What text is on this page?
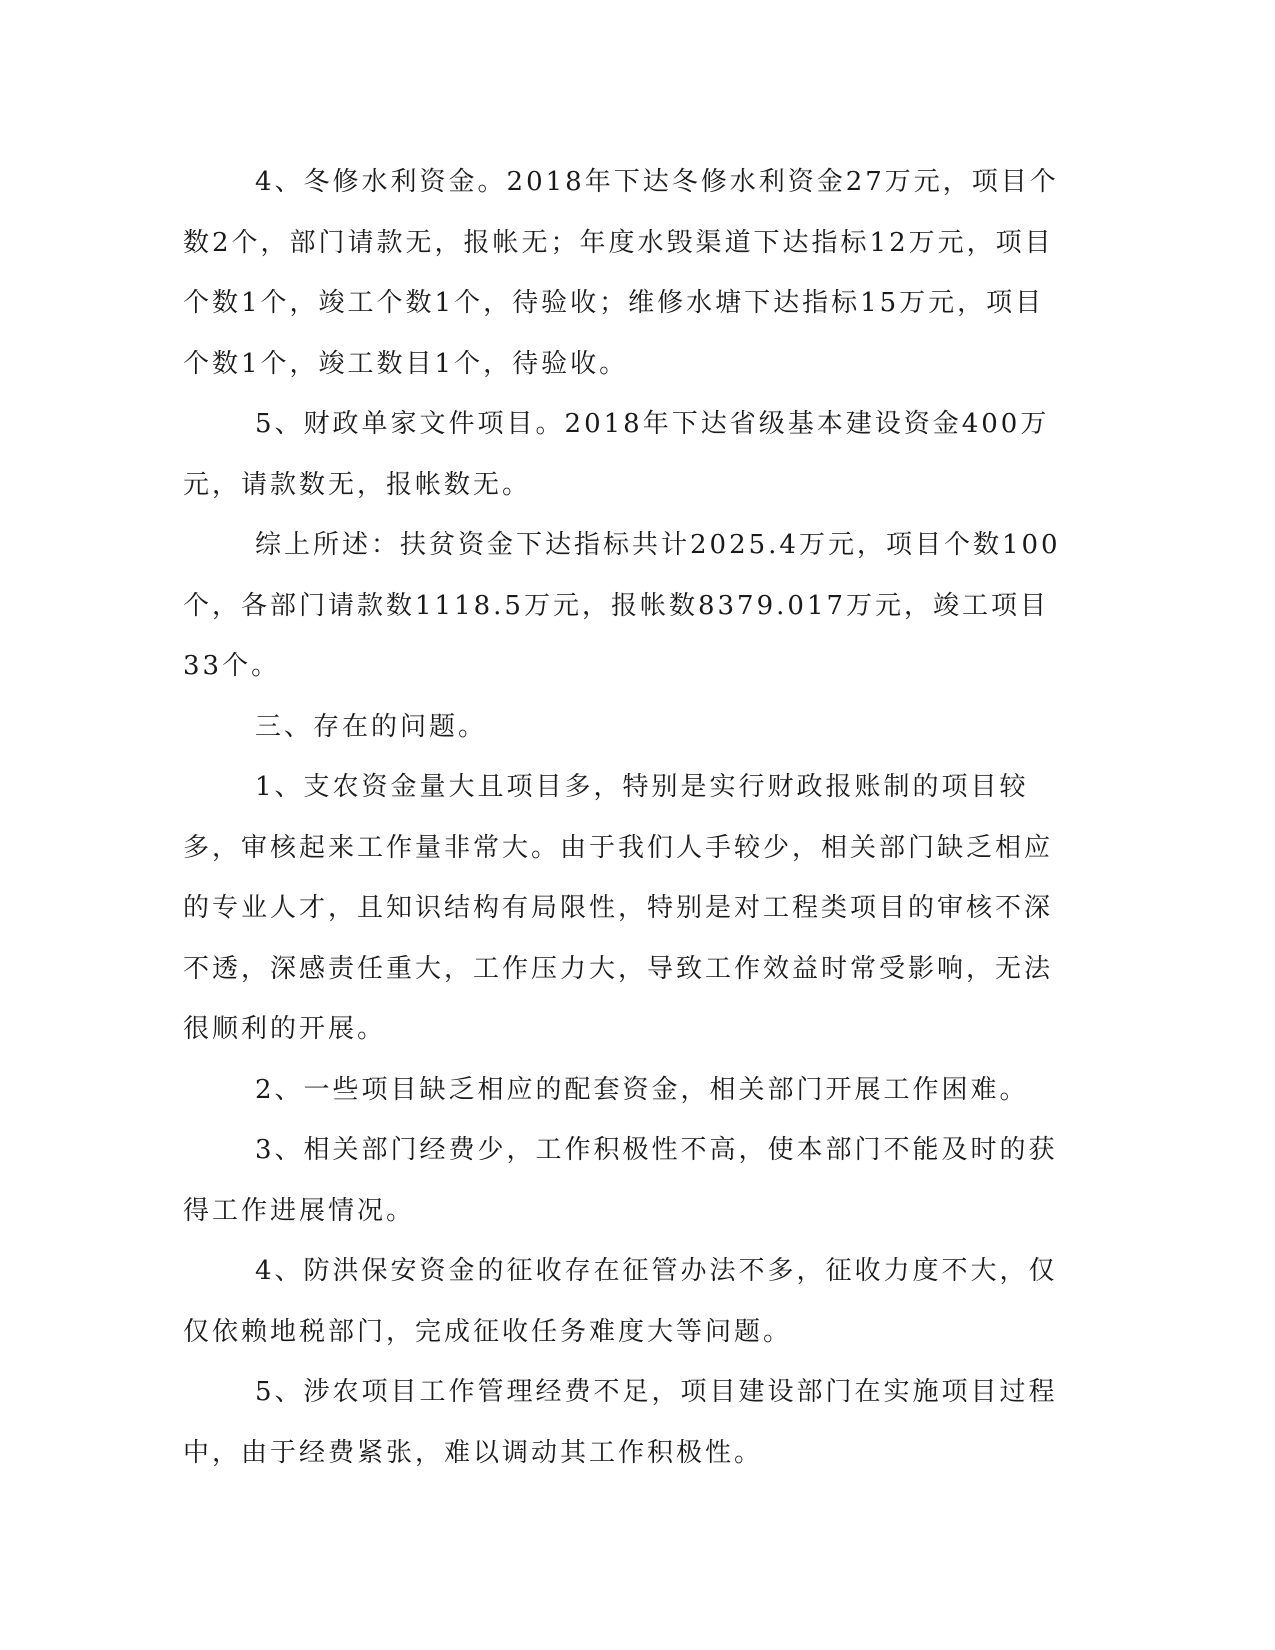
4、冬修水利资金。2018年下达冬修水利资金27万元，项目个数2个，部门请款无，报帐无；年度水毁渠道下达指标12万元，项目个数1个，竣工个数1个，待验收；维修水塘下达指标15万元，项目个数1个，竣工数目1个，待验收。

5、财政单家文件项目。2018年下达省级基本建设资金400万元，请款数无，报帐数无。

综上所述：扶贫资金下达指标共计2025.4万元，项目个数100个，各部门请款数1118.5万元，报帐数8379.017万元，竣工项目33个。

三、存在的问题。

1、支农资金量大且项目多，特别是实行财政报账制的项目较多，审核起来工作量非常大。由于我们人手较少，相关部门缺乏相应的专业人才，且知识结构有局限性，特别是对工程类项目的审核不深不透，深感责任重大，工作压力大，导致工作效益时常受影响，无法很顺利的开展。

2、一些项目缺乏相应的配套资金，相关部门开展工作困难。

3、相关部门经费少，工作积极性不高，使本部门不能及时的获得工作进展情况。

4、防洪保安资金的征收存在征管办法不多，征收力度不大，仅仅依赖地税部门，完成征收任务难度大等问题。

5、涉农项目工作管理经费不足，项目建设部门在实施项目过程中，由于经费紧张，难以调动其工作积极性。
